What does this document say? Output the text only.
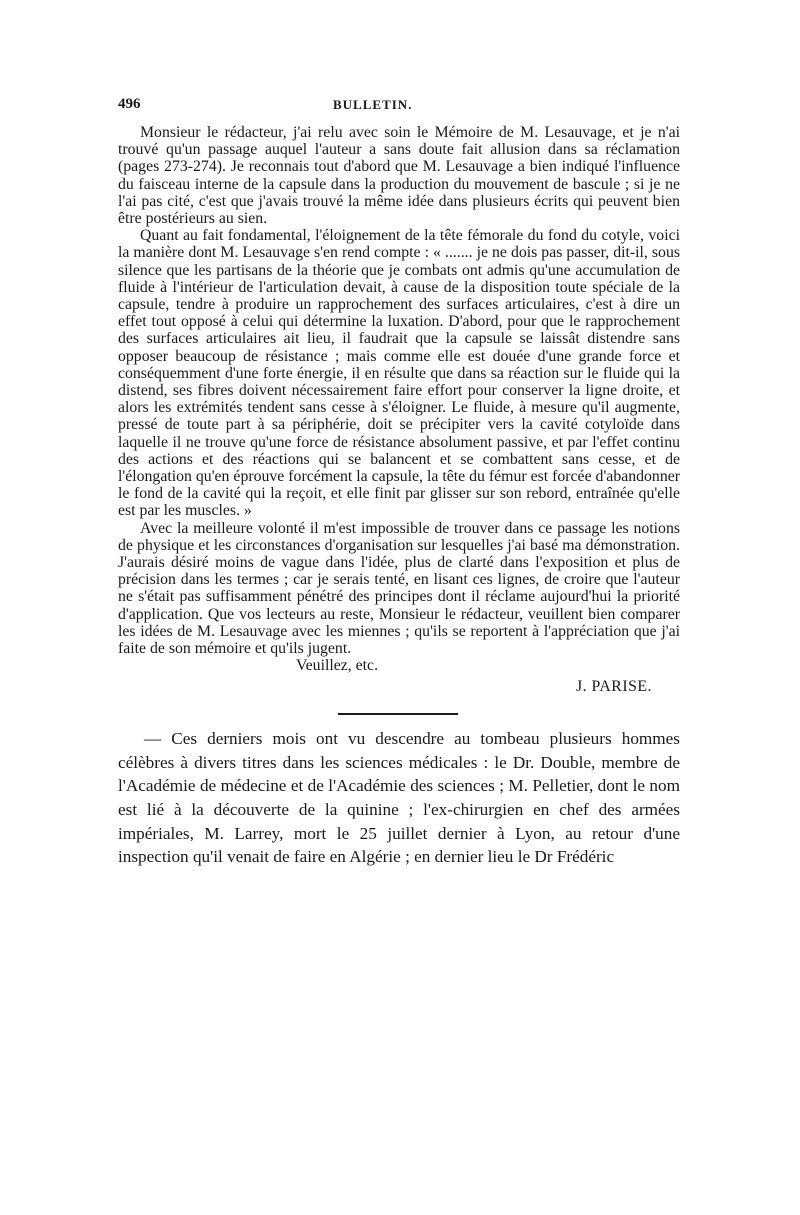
496	BULLETIN.

Monsieur le rédacteur, j'ai relu avec soin le Mémoire de M. Lesauvage, et je n'ai trouvé qu'un passage auquel l'auteur a sans doute fait allusion dans sa réclamation (pages 273-274). Je reconnais tout d'abord que M. Lesauvage a bien indiqué l'influence du faisceau interne de la capsule dans la production du mouvement de bascule ; si je ne l'ai pas cité, c'est que j'avais trouvé la même idée dans plusieurs écrits qui peuvent bien être postérieurs au sien.

Quant au fait fondamental, l'éloignement de la tête fémorale du fond du cotyle, voici la manière dont M. Lesauvage s'en rend compte : « ....... je ne dois pas passer, dit-il, sous silence que les partisans de la théorie que je combats ont admis qu'une accumulation de fluide à l'intérieur de l'articulation devait, à cause de la disposition toute spéciale de la capsule, tendre à produire un rapprochement des surfaces articulaires, c'est à dire un effet tout opposé à celui qui détermine la luxation. D'abord, pour que le rapprochement des surfaces articulaires ait lieu, il faudrait que la capsule se laissât distendre sans opposer beaucoup de résistance ; mais comme elle est douée d'une grande force et conséquemment d'une forte énergie, il en résulte que dans sa réaction sur le fluide qui la distend, ses fibres doivent nécessairement faire effort pour conserver la ligne droite, et alors les extrémités tendent sans cesse à s'éloigner. Le fluide, à mesure qu'il augmente, pressé de toute part à sa périphérie, doit se précipiter vers la cavité cotyloïde dans laquelle il ne trouve qu'une force de résistance absolument passive, et par l'effet continu des actions et des réactions qui se balancent et se combattent sans cesse, et de l'élongation qu'en éprouve forcément la capsule, la tête du fémur est forcée d'abandonner le fond de la cavité qui la reçoit, et elle finit par glisser sur son rebord, entraînée qu'elle est par les muscles. »

Avec la meilleure volonté il m'est impossible de trouver dans ce passage les notions de physique et les circonstances d'organisation sur lesquelles j'ai basé ma démonstration. J'aurais désiré moins de vague dans l'idée, plus de clarté dans l'exposition et plus de précision dans les termes ; car je serais tenté, en lisant ces lignes, de croire que l'auteur ne s'était pas suffisamment pénétré des principes dont il réclame aujourd'hui la priorité d'application. Que vos lecteurs au reste, Monsieur le rédacteur, veuillent bien comparer les idées de M. Lesauvage avec les miennes ; qu'ils se reportent à l'appréciation que j'ai faite de son mémoire et qu'ils jugent.

Veuillez, etc.

J. PARISE.

— Ces derniers mois ont vu descendre au tombeau plusieurs hommes célèbres à divers titres dans les sciences médicales : le Dr. Double, membre de l'Académie de médecine et de l'Académie des sciences ; M. Pelletier, dont le nom est lié à la découverte de la quinine ; l'ex-chirurgien en chef des armées impériales, M. Larrey, mort le 25 juillet dernier à Lyon, au retour d'une inspection qu'il venait de faire en Algérie ; en dernier lieu le Dr Frédéric
